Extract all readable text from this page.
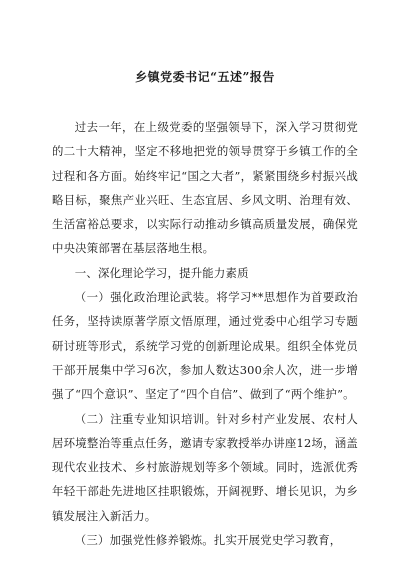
乡镇党委书记“五述”报告

过去一年，在上级党委的坚强领导下，深入学习贯彻党的二十大精神，坚定不移地把党的领导贯穿于乡镇工作的全过程和各方面。始终牢记“国之大者”，紧紧围绕乡村振兴战略目标，聚焦产业兴旺、生态宜居、乡风文明、治理有效、生活富裕总要求，以实际行动推动乡镇高质量发展，确保党中央决策部署在基层落地生根。

一、深化理论学习，提升能力素质

（一）强化政治理论武装。将学习**思想作为首要政治任务，坚持读原著学原文悟原理，通过党委中心组学习专题研讨班等形式，系统学习党的创新理论成果。组织全体党员干部开展集中学习6次，参加人数达300余人次，进一步增强了“四个意识”、坚定了“四个自信”、做到了“两个维护”。

（二）注重专业知识培训。针对乡村产业发展、农村人居环境整治等重点任务，邀请专家教授举办讲座12场，涵盖现代农业技术、乡村旅游规划等多个领域。同时，选派优秀年轻干部赴先进地区挂职锻炼，开阔视野、增长见识，为乡镇发展注入新活力。

（三）加强党性修养锻炼。扎实开展党史学习教育，
